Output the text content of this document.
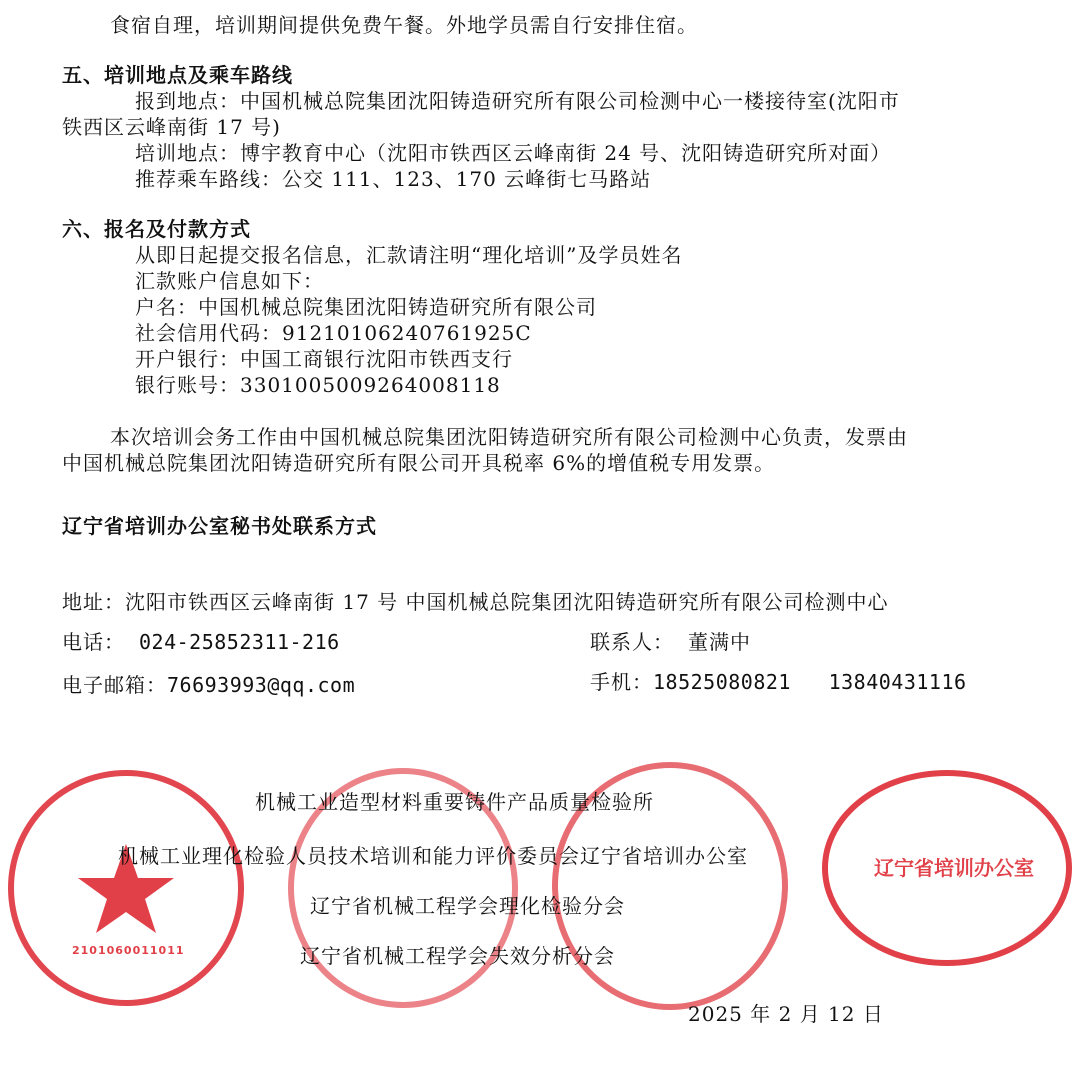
食宿自理，培训期间提供免费午餐。外地学员需自行安排住宿。
五、培训地点及乘车路线
报到地点：中国机械总院集团沈阳铸造研究所有限公司检测中心一楼接待室(沈阳市
铁西区云峰南街 17 号)
培训地点：博宇教育中心（沈阳市铁西区云峰南街 24 号、沈阳铸造研究所对面）
推荐乘车路线：公交 111、123、170 云峰街七马路站
六、报名及付款方式
从即日起提交报名信息，汇款请注明“理化培训”及学员姓名
汇款账户信息如下：
户名：中国机械总院集团沈阳铸造研究所有限公司
社会信用代码：91210106240761925C
开户银行：中国工商银行沈阳市铁西支行
银行账号：3301005009264008118
本次培训会务工作由中国机械总院集团沈阳铸造研究所有限公司检测中心负责，发票由
中国机械总院集团沈阳铸造研究所有限公司开具税率 6%的增值税专用发票。
辽宁省培训办公室秘书处联系方式
地址：沈阳市铁西区云峰南街 17 号 中国机械总院集团沈阳铸造研究所有限公司检测中心
电话： 024-25852311-216	联系人： 董满中
电子邮箱：76693993@qq.com	手机：18525080821   13840431116
2101060011011
辽宁省培训办公室
机械工业造型材料重要铸件产品质量检验所
机械工业理化检验人员技术培训和能力评价委员会辽宁省培训办公室
辽宁省机械工程学会理化检验分会
辽宁省机械工程学会失效分析分会
2025 年 2 月 12 日
